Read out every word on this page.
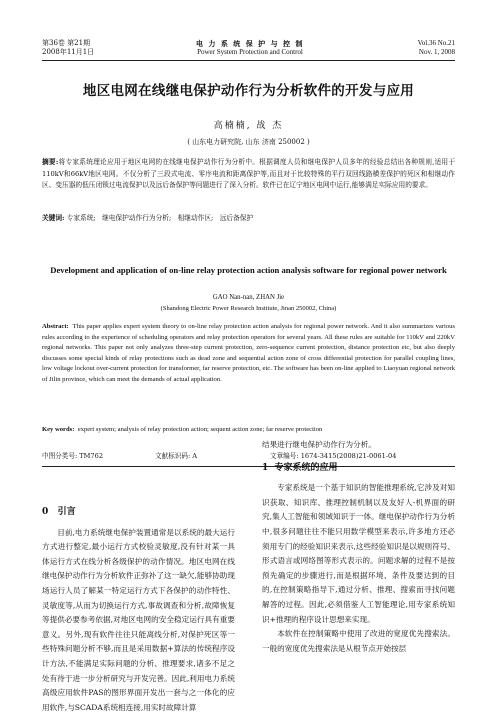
第36卷 第21期
2008年11月1日
电 力 系 统 保 护 与 控 制
Power System Protection and Control
Vol.36 No.21
Nov. 1, 2008
地区电网在线继电保护动作行为分析软件的开发与应用
高楠楠, 战 杰
( 山东电力研究院, 山东 济南 250002 )
摘要:将专家系统理论应用于地区电网的在线继电保护动作行为分析中。根据调度人员和继电保护人员多年的经验总结出各种规则,适用于110kV和66kV地区电网。不仅分析了三段式电流、零序电流和距离保护等,而且对于比较特殊的平行双回线路横差保护的死区和相继动作区、变压器的低压闭锁过电流保护以及远后备保护等问题进行了深入分析。软件已在辽宁地区电网中运行,能够满足实际应用的要求。
关键词: 专家系统; 继电保护动作行为分析; 相继动作区; 远后备保护
Development and application of on-line relay protection action analysis software for regional power network
GAO Nan-nan, ZHAN Jie
(Shandong Electric Power Research Institute, Jinan 250002, China)
Abstract: This paper applies expert system theory to on-line relay protection action analysis for regional power network. And it also summarizes various rules according to the experience of scheduling operators and relay protection operators for several years. All these rules are suitable for 110kV and 220kV regional networks. This paper not only analyzes three-step current protection, zero-sequence current protection, distance protection etc, but also deeply discusses some special kinds of relay protections such as dead zone and sequential action zone of cross differential protection for parallel coupling lines, low voltage lockout over-current protection for transformer, far reserve protection, etc. The software has been on-line applied to Liaoyuan regional network of Jilin province, which can meet the demands of actual application.
Key words: expert system; analysis of relay protection action; sequent action zone; far reserve protection
中图分类号: TM762	文献标识码: A	文章编号: 1674-3415(2008)21-0061-04
0 引言
目前,电力系统继电保护装置通常是以系统的最大运行方式进行整定,最小运行方式校验灵敏度,没有针对某一具体运行方式在线分析各级保护的动作情况。地区电网在线继电保护动作行为分析软件正弥补了这一缺欠,能够协助现场运行人员了解某一特定运行方式下各保护的动作特性、灵敏度等,从而为切换运行方式,事故调查和分析,故障恢复等提供必要参考依据,对地区电网的安全稳定运行具有重要意义。另外,现有软件往往只能离线分析,对保护死区等一些特殊问题分析不够,而且是采用数据+算法的传统程序设计方法,不能满足实际问题的分析、推理要求,诸多不足之处有待于进一步分析研究与开发完善。因此,利用电力系统高级应用软件PAS的图形界面开发出一套与之一体化的应用软件,与SCADA系统相连接,用实时故障计算
结果进行继电保护动作行为分析。
1 专家系统的应用
专家系统是一个基于知识的智能推理系统,它涉及对知识获取、知识库、推理控制机制以及友好人-机界面的研究,集人工智能和领域知识于一体。继电保护动作行为分析中,很多问题往往不能只用数学模型来表示,许多地方还必须用专门的经验知识来表示,这些经验知识是以规则符号、形式语言或网络图等形式表示的。问题求解的过程不是按预先确定的步骤进行,而是根据环境、条件及要达到的目的,在控制策略指导下,通过分析、推理、搜索而寻找问题解答的过程。因此,必须借鉴人工智能理论,用专家系统知识+推理的程序设计思想来实现。
本软件在控制策略中使用了改进的宽度优先搜索法。一般的宽度优先搜索法是从根节点开始按层
